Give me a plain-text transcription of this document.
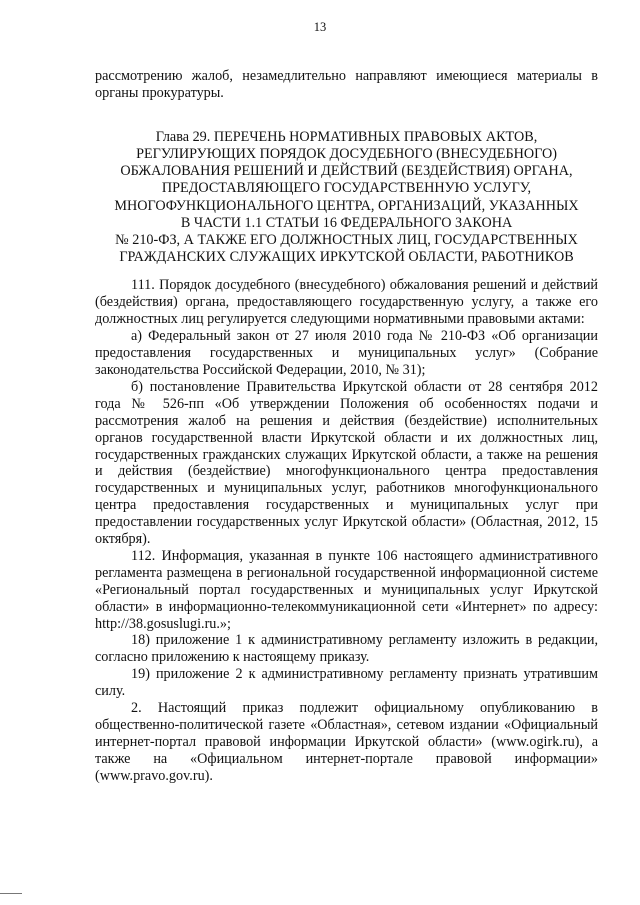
13

рассмотрению жалоб, незамедлительно направляют имеющиеся материалы в органы прокуратуры.

Глава 29. ПЕРЕЧЕНЬ НОРМАТИВНЫХ ПРАВОВЫХ АКТОВ,
РЕГУЛИРУЮЩИХ ПОРЯДОК ДОСУДЕБНОГО (ВНЕСУДЕБНОГО)
ОБЖАЛОВАНИЯ РЕШЕНИЙ И ДЕЙСТВИЙ (БЕЗДЕЙСТВИЯ) ОРГАНА,
ПРЕДОСТАВЛЯЮЩЕГО ГОСУДАРСТВЕННУЮ УСЛУГУ,
МНОГОФУНКЦИОНАЛЬНОГО ЦЕНТРА, ОРГАНИЗАЦИЙ, УКАЗАННЫХ
В ЧАСТИ 1.1 СТАТЬИ 16 ФЕДЕРАЛЬНОГО ЗАКОНА
№ 210-ФЗ, А ТАКЖЕ ЕГО ДОЛЖНОСТНЫХ ЛИЦ, ГОСУДАРСТВЕННЫХ
ГРАЖДАНСКИХ СЛУЖАЩИХ ИРКУТСКОЙ ОБЛАСТИ, РАБОТНИКОВ

111. Порядок досудебного (внесудебного) обжалования решений и действий (бездействия) органа, предоставляющего государственную услугу, а также его должностных лиц регулируется следующими нормативными правовыми актами:

а) Федеральный закон от 27 июля 2010 года № 210-ФЗ «Об организации предоставления государственных и муниципальных услуг» (Собрание законодательства Российской Федерации, 2010, № 31);

б) постановление Правительства Иркутской области от 28 сентября 2012 года № 526-пп «Об утверждении Положения об особенностях подачи и рассмотрения жалоб на решения и действия (бездействие) исполнительных органов государственной власти Иркутской области и их должностных лиц, государственных гражданских служащих Иркутской области, а также на решения и действия (бездействие) многофункционального центра предоставления государственных и муниципальных услуг, работников многофункционального центра предоставления государственных и муниципальных услуг при предоставлении государственных услуг Иркутской области» (Областная, 2012, 15 октября).

112. Информация, указанная в пункте 106 настоящего административного регламента размещена в региональной государственной информационной системе «Региональный портал государственных и муниципальных услуг Иркутской области» в информационно-телекоммуникационной сети «Интернет» по адресу: http://38.gosuslugi.ru.»;

18) приложение 1 к административному регламенту изложить в редакции, согласно приложению к настоящему приказу.

19) приложение 2 к административному регламенту признать утратившим силу.

2. Настоящий приказ подлежит официальному опубликованию в общественно-политической газете «Областная», сетевом издании «Официальный интернет-портал правовой информации Иркутской области» (www.ogirk.ru), а также на «Официальном интернет-портале правовой информации» (www.pravo.gov.ru).
